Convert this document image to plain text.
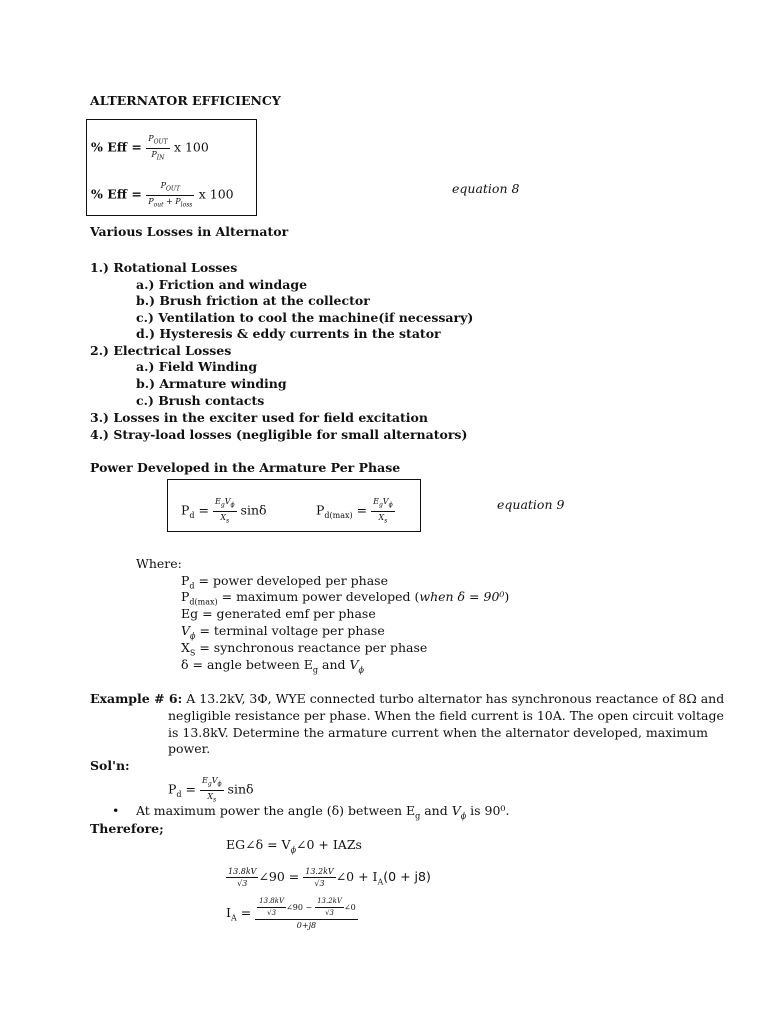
ALTERNATOR EFFICIENCY
% Eff = $\frac{P_{OUT}}{P_{IN}}$ x 100
% Eff = $\frac{P_{OUT}}{P_{out} + P_{loss}}$ x 100	equation 8
Various Losses in Alternator
1.) Rotational Losses
a.) Friction and windage
b.) Brush friction at the collector
c.) Ventilation to cool the machine(if necessary)
d.) Hysteresis & eddy currents in the stator
2.) Electrical Losses
a.) Field Winding
b.) Armature winding
c.) Brush contacts
3.) Losses in the exciter used for field excitation
4.) Stray-load losses (negligible for small alternators)
Power Developed in the Armature Per Phase
$P_d = \frac{E_gV_\phi}{X_s}$ sinδ	$P_{d(max)} = \frac{E_gV_\phi}{X_s}$	equation 9
Where:
$P_d$ = power developed per phase
$P_{d(max)}$ = maximum power developed (when δ = 90⁰)
Eg = generated emf per phase
$V_\phi$ = terminal voltage per phase
$X_S$ = synchronous reactance per phase
δ = angle between $E_g$ and $V_\phi$
Example # 6: A 13.2kV, 3Φ, WYE connected turbo alternator has synchronous reactance of 8Ω and
negligible resistance per phase. When the field current is 10A. The open circuit voltage
is 13.8kV. Determine the armature current when the alternator developed, maximum
power.
Sol'n:
$P_d = \frac{E_gV_\phi}{X_s}$ sinδ
• At maximum power the angle (δ) between $E_g$ and $V_\phi$ is 90⁰.
Therefore;
EG∠δ = $V_\phi\angle 0$ + IAZs
$\frac{13.8kV}{√3}$ ∠90 = $\frac{13.2kV}{√3}$ ∠0 + $I_A(0 + j8)$
$I_A = \frac{\frac{13.8kV}{√3} \angle 90 - \frac{13.2kV}{√3} \angle 0}{0+j8}$
